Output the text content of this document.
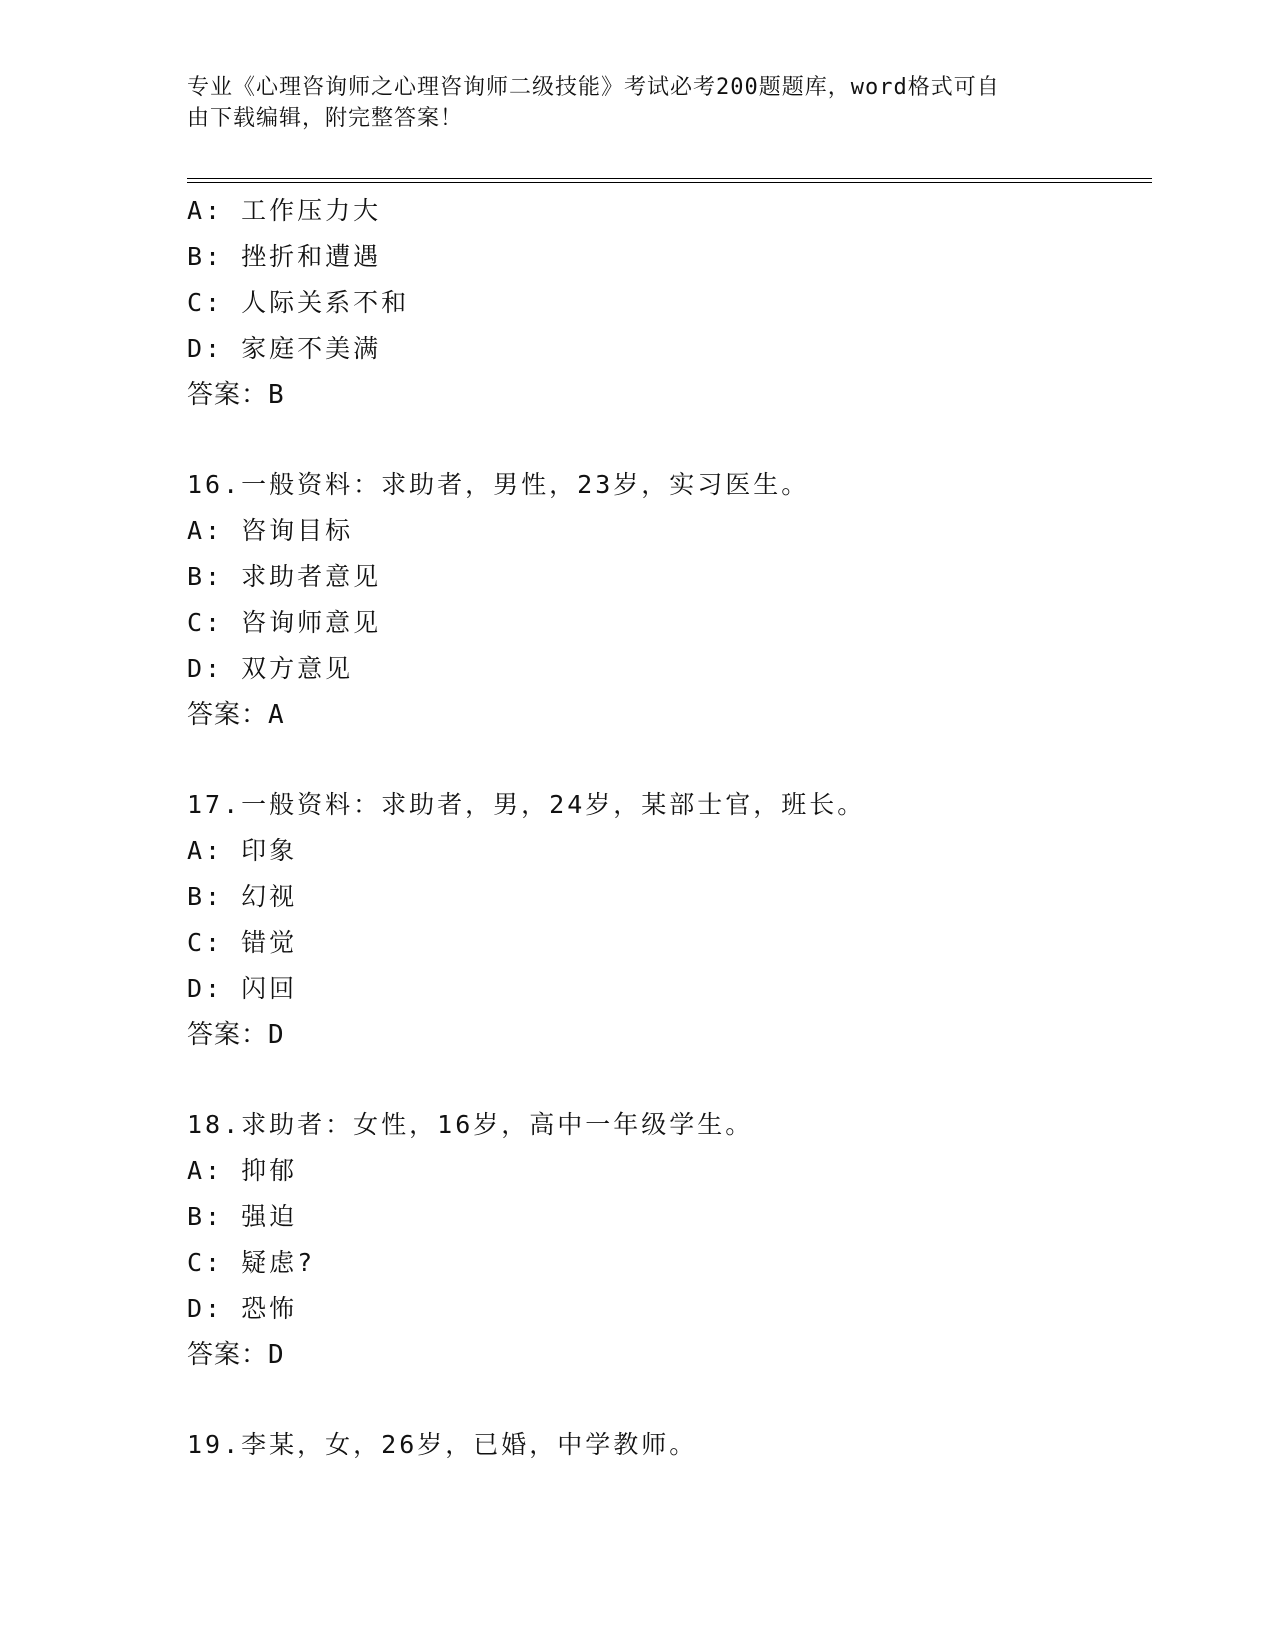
专业《心理咨询师之心理咨询师二级技能》考试必考200题题库，word格式可自
由下载编辑，附完整答案！
A: 工作压力大
B: 挫折和遭遇
C: 人际关系不和
D: 家庭不美满
答案：B
16.一般资料：求助者，男性，23岁，实习医生。
A: 咨询目标
B: 求助者意见
C: 咨询师意见
D: 双方意见
答案：A
17.一般资料：求助者，男，24岁，某部士官，班长。
A: 印象
B: 幻视
C: 错觉
D: 闪回
答案：D
18.求助者：女性，16岁，高中一年级学生。
A: 抑郁
B: 强迫
C: 疑虑?
D: 恐怖
答案：D
19.李某，女，26岁，已婚，中学教师。
